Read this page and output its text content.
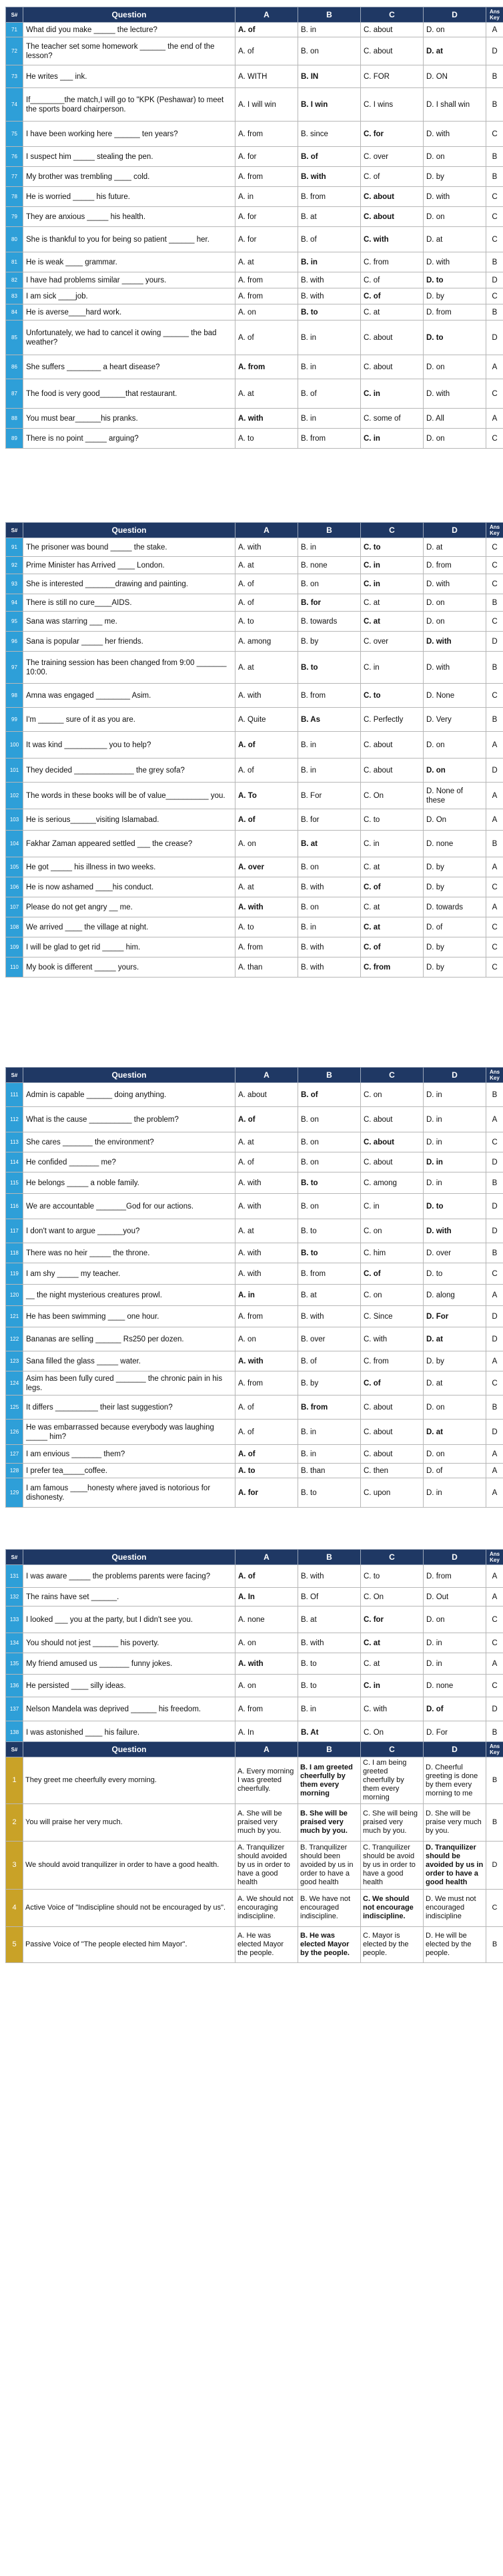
S#	Question	A	B	C	D	Ans Key
71	What did you make _____ the lecture?	A. of	B. in	C. about	D. on	A
72	The teacher set some homework ______ the end of the lesson?	A. of	B. on	C. about	D. at	D
73	He writes ___ ink.	A. WITH	B. IN	C. FOR	D. ON	B
74	If________the match,I will go to "KPK (Peshawar) to meet the sports board chairperson.	A. I will win	B. I win	C. I wins	D. I shall win	B
75	I have been working here ______ ten years?	A. from	B. since	C. for	D. with	C
76	I suspect him _____ stealing the pen.	A. for	B. of	C. over	D. on	B
77	My brother was trembling ____ cold.	A. from	B. with	C. of	D. by	B
78	He is worried _____ his future.	A. in	B. from	C. about	D. with	C
79	They are anxious _____ his health.	A. for	B. at	C. about	D. on	C
80	She is thankful to you for being so patient ______ her.	A. for	B. of	C. with	D. at	C
81	He is weak ____ grammar.	A. at	B. in	C. from	D. with	B
82	I have had problems similar _____ yours.	A. from	B. with	C. of	D. to	D
83	I am sick ____job.	A. from	B. with	C. of	D. by	C
84	He is averse____hard work.	A. on	B. to	C. at	D. from	B
85	Unfortunately, we had to cancel it owing ______ the bad weather?	A. of	B. in	C. about	D. to	D
86	She suffers ________ a heart disease?	A. from	B. in	C. about	D. on	A
87	The food is very good______that restaurant.	A. at	B. of	C. in	D. with	C
88	You must bear______his pranks.	A. with	B. in	C. some of	D. All	A
89	There is no point _____ arguing?	A. to	B. from	C. in	D. on	C
S#	Question	A	B	C	D	Ans Key
91	The prisoner was bound _____ the stake.	A. with	B. in	C. to	D. at	C
92	Prime Minister has Arrived ____ London.	A. at	B. none	C. in	D. from	C
93	She is interested _______drawing and painting.	A. of	B. on	C. in	D. with	C
94	There is still no cure____AIDS.	A. of	B. for	C. at	D. on	B
95	Sana was starring ___ me.	A. to	B. towards	C. at	D. on	C
96	Sana is popular _____ her friends.	A. among	B. by	C. over	D. with	D
97	The training session has been changed from 9:00 _______ 10:00.	A. at	B. to	C. in	D. with	B
98	Amna was engaged ________ Asim.	A. with	B. from	C. to	D. None	C
99	I'm ______ sure of it as you are.	A. Quite	B. As	C. Perfectly	D. Very	B
100	It was kind __________ you to help?	A. of	B. in	C. about	D. on	A
101	They decided ______________ the grey sofa?	A. of	B. in	C. about	D. on	D
102	The words in these books will be of value__________ you.	A. To	B. For	C. On	D. None of these	A
103	He is serious______visiting Islamabad.	A. of	B. for	C. to	D. On	A
104	Fakhar Zaman appeared settled ___ the crease?	A. on	B. at	C. in	D. none	B
105	He got _____ his illness in two weeks.	A. over	B. on	C. at	D. by	A
106	He is now ashamed ____his conduct.	A. at	B. with	C. of	D. by	C
107	Please do not get angry __ me.	A. with	B. on	C. at	D. towards	A
108	We arrived ____ the village at night.	A. to	B. in	C. at	D. of	C
109	I will be glad to get rid _____ him.	A. from	B. with	C. of	D. by	C
110	My book is different _____ yours.	A. than	B. with	C. from	D. by	C
S#	Question	A	B	C	D	Ans Key
111	Admin is capable ______ doing anything.	A. about	B. of	C. on	D. in	B
112	What is the cause __________ the problem?	A. of	B. on	C. about	D. in	A
113	She cares _______ the environment?	A. at	B. on	C. about	D. in	C
114	He confided _______ me?	A. of	B. on	C. about	D. in	D
115	He belongs _____ a noble family.	A. with	B. to	C. among	D. in	B
116	We are accountable _______God for our actions.	A. with	B. on	C. in	D. to	D
117	I don't want to argue ______you?	A. at	B. to	C. on	D. with	D
118	There was no heir _____ the throne.	A. with	B. to	C. him	D. over	B
119	I am shy _____ my teacher.	A. with	B. from	C. of	D. to	C
120	__ the night mysterious creatures prowl.	A. in	B. at	C. on	D. along	A
121	He has been swimming ____ one hour.	A. from	B. with	C. Since	D. For	D
122	Bananas are selling ______ Rs250 per dozen.	A. on	B. over	C. with	D. at	D
123	Sana filled the glass _____ water.	A. with	B. of	C. from	D. by	A
124	Asim has been fully cured _______ the chronic pain in his legs.	A. from	B. by	C. of	D. at	C
125	It differs __________ their last suggestion?	A. of	B. from	C. about	D. on	B
126	He was embarrassed because everybody was laughing _____ him?	A. of	B. in	C. about	D. at	D
127	I am envious _______ them?	A. of	B. in	C. about	D. on	A
128	I prefer tea_____coffee.	A. to	B. than	C. then	D. of	A
129	I am famous ____honesty where javed is notorious for dishonesty.	A. for	B. to	C. upon	D. in	A
S#	Question	A	B	C	D	Ans Key
131	I was aware _____ the problems parents were facing?	A. of	B. with	C. to	D. from	A
132	The rains have set ______.	A. In	B. Of	C. On	D. Out	A
133	I looked ___ you at the party, but I didn't see you.	A. none	B. at	C. for	D. on	C
134	You should not jest ______ his poverty.	A. on	B. with	C. at	D. in	C
135	My friend amused us _______ funny jokes.	A. with	B. to	C. at	D. in	A
136	He persisted ____ silly ideas.	A. on	B. to	C. in	D. none	C
137	Nelson Mandela was deprived ______ his freedom.	A. from	B. in	C. with	D. of	D
138	I was astonished ____ his failure.	A. In	B. At	C. On	D. For	B
S#	Question	A	B	C	D	Ans Key
1	They greet me cheerfully every morning.	A. Every morning I was greeted cheerfully.	B. I am greeted cheerfully by them every morning	C. I am being greeted cheerfully by them every morning	D. Cheerful greeting is done by them every morning to me	B
2	You will praise her very much.	A. She will be praised very much by you.	B. She will be praised very much by you.	C. She will being praised very much by you.	D. She will be praise very much by you.	B
3	We should avoid tranquilizer in order to have a good health.	A. Tranquilizer should avoided by us in order to have a good health	B. Tranquilizer should been avoided by us in order to have a good health	C. Tranquilizer should be avoid by us in order to have a good health	D. Tranquilizer should be avoided by us in order to have a good health	D
4	Active Voice of "Indiscipline should not be encouraged by us".	A. We should not encouraging indiscipline.	B. We have not encouraged indiscipline.	C. We should not encourage indiscipline.	D. We must not encouraged indiscipline	C
5	Passive Voice of "The people elected him Mayor".	A. He was elected Mayor the people.	B. He was elected Mayor by the people.	C. Mayor is elected by the people.	D. He will be elected by the people.	B
